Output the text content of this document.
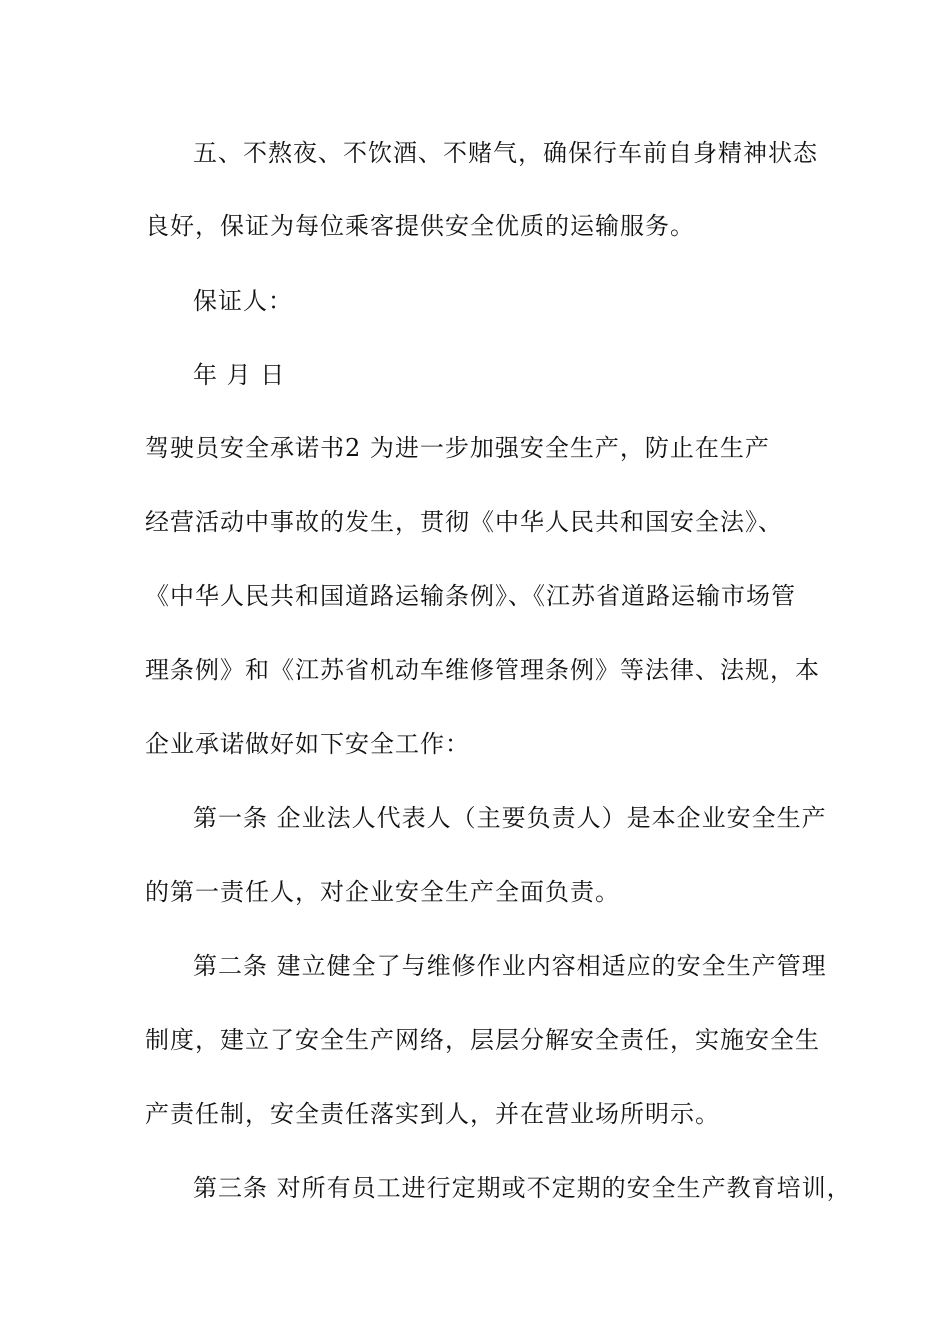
五、不熬夜、不饮酒、不赌气，确保行车前自身精神状态
良好，保证为每位乘客提供安全优质的运输服务。
保证人：
年 月 日
驾驶员安全承诺书2 为进一步加强安全生产，防止在生产
经营活动中事故的发生，贯彻《中华人民共和国安全法》、
《中华人民共和国道路运输条例》、《江苏省道路运输市场管
理条例》和《江苏省机动车维修管理条例》等法律、法规，本
企业承诺做好如下安全工作：
第一条 企业法人代表人（主要负责人）是本企业安全生产
的第一责任人，对企业安全生产全面负责。
第二条 建立健全了与维修作业内容相适应的安全生产管理
制度，建立了安全生产网络，层层分解安全责任，实施安全生
产责任制，安全责任落实到人，并在营业场所明示。
第三条 对所有员工进行定期或不定期的安全生产教育培训，
